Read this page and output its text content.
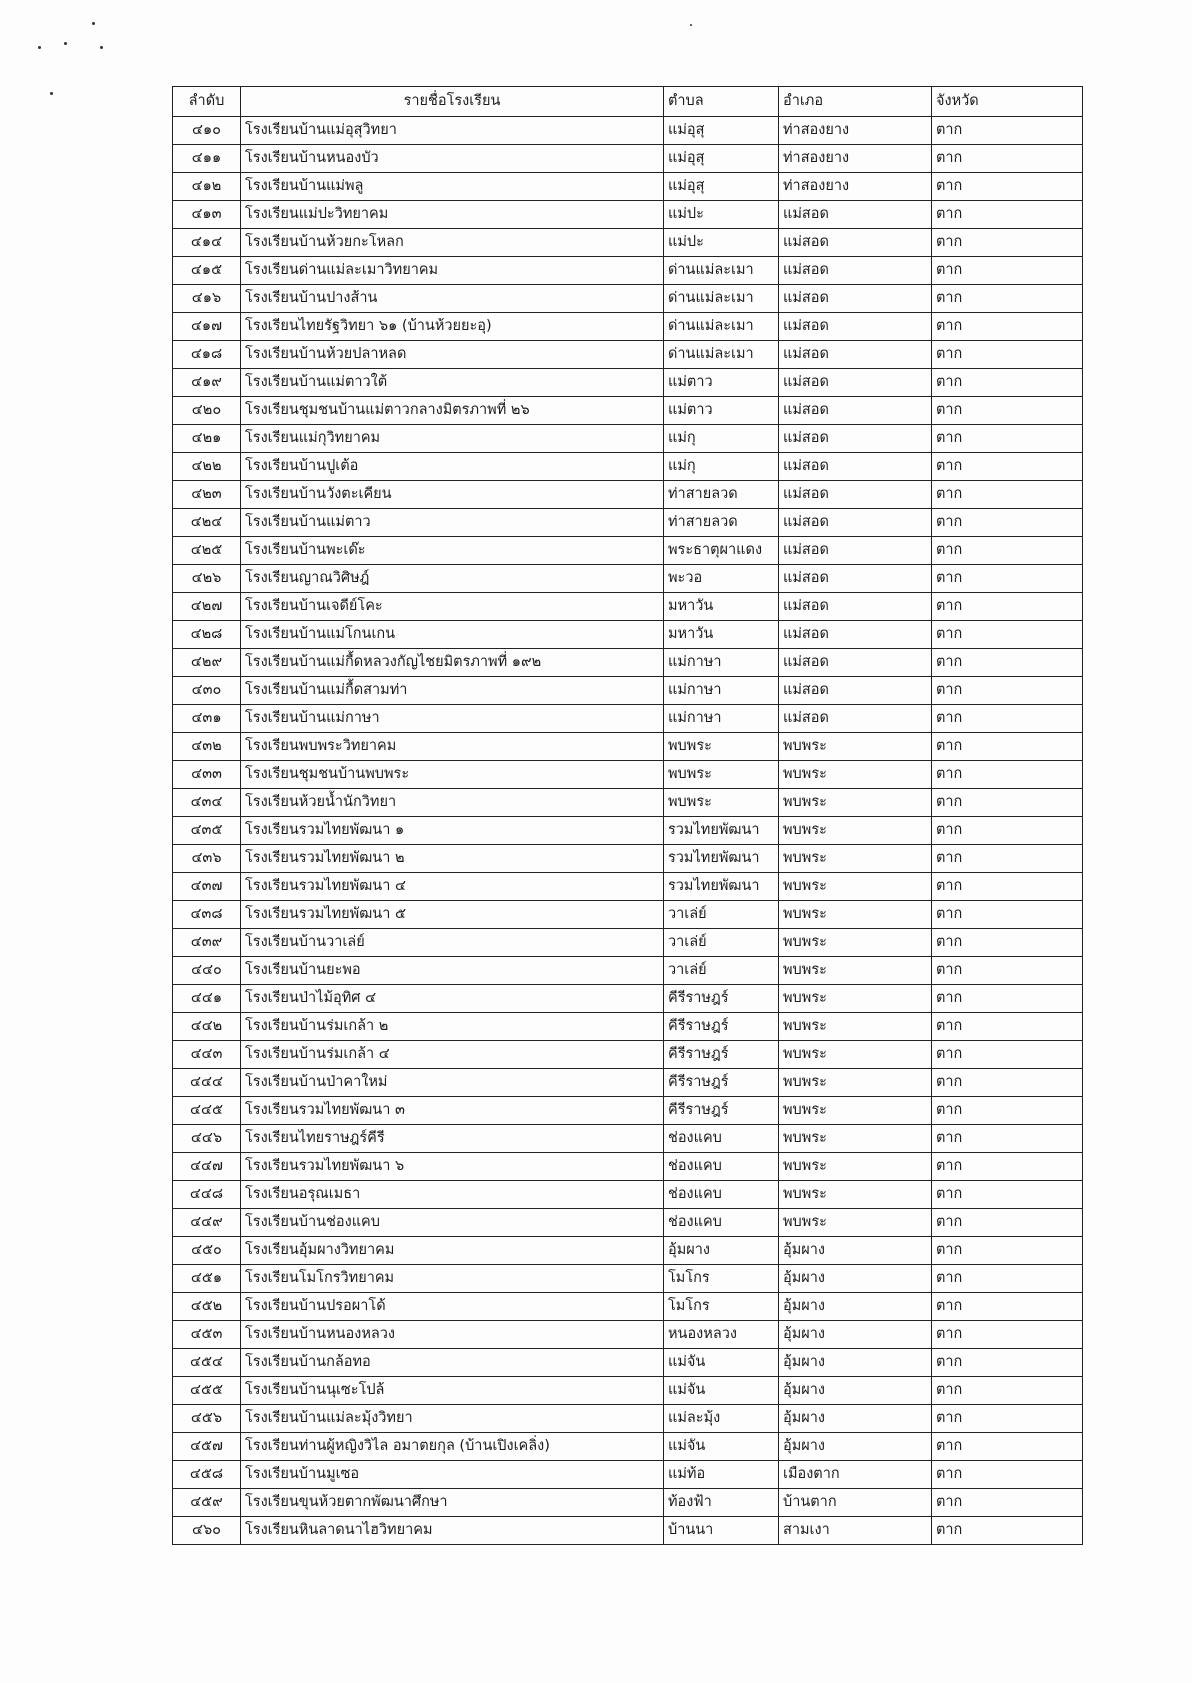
ลำดับ	รายชื่อโรงเรียน	ตำบล	อำเภอ	จังหวัด
๔๑๐	โรงเรียนบ้านแม่อุสุวิทยา	แม่อุสุ	ท่าสองยาง	ตาก
๔๑๑	โรงเรียนบ้านหนองบัว	แม่อุสุ	ท่าสองยาง	ตาก
๔๑๒	โรงเรียนบ้านแม่พลู	แม่อุสุ	ท่าสองยาง	ตาก
๔๑๓	โรงเรียนแม่ปะวิทยาคม	แม่ปะ	แม่สอด	ตาก
๔๑๔	โรงเรียนบ้านห้วยกะโหลก	แม่ปะ	แม่สอด	ตาก
๔๑๕	โรงเรียนด่านแม่ละเมาวิทยาคม	ด่านแม่ละเมา	แม่สอด	ตาก
๔๑๖	โรงเรียนบ้านปางส้าน	ด่านแม่ละเมา	แม่สอด	ตาก
๔๑๗	โรงเรียนไทยรัฐวิทยา ๖๑ (บ้านห้วยยะอุ)	ด่านแม่ละเมา	แม่สอด	ตาก
๔๑๘	โรงเรียนบ้านห้วยปลาหลด	ด่านแม่ละเมา	แม่สอด	ตาก
๔๑๙	โรงเรียนบ้านแม่ตาวใต้	แม่ตาว	แม่สอด	ตาก
๔๒๐	โรงเรียนชุมชนบ้านแม่ตาวกลางมิตรภาพที่ ๒๖	แม่ตาว	แม่สอด	ตาก
๔๒๑	โรงเรียนแม่กุวิทยาคม	แม่กุ	แม่สอด	ตาก
๔๒๒	โรงเรียนบ้านปูเต้อ	แม่กุ	แม่สอด	ตาก
๔๒๓	โรงเรียนบ้านวังตะเคียน	ท่าสายลวด	แม่สอด	ตาก
๔๒๔	โรงเรียนบ้านแม่ตาว	ท่าสายลวด	แม่สอด	ตาก
๔๒๕	โรงเรียนบ้านพะเด๊ะ	พระธาตุผาแดง	แม่สอด	ตาก
๔๒๖	โรงเรียนญาณวิศิษฎ์	พะวอ	แม่สอด	ตาก
๔๒๗	โรงเรียนบ้านเจดีย์โคะ	มหาวัน	แม่สอด	ตาก
๔๒๘	โรงเรียนบ้านแม่โกนเกน	มหาวัน	แม่สอด	ตาก
๔๒๙	โรงเรียนบ้านแม่กื้ดหลวงกัญไชยมิตรภาพที่ ๑๙๒	แม่กาษา	แม่สอด	ตาก
๔๓๐	โรงเรียนบ้านแม่กื้ดสามท่า	แม่กาษา	แม่สอด	ตาก
๔๓๑	โรงเรียนบ้านแม่กาษา	แม่กาษา	แม่สอด	ตาก
๔๓๒	โรงเรียนพบพระวิทยาคม	พบพระ	พบพระ	ตาก
๔๓๓	โรงเรียนชุมชนบ้านพบพระ	พบพระ	พบพระ	ตาก
๔๓๔	โรงเรียนห้วยน้ำนักวิทยา	พบพระ	พบพระ	ตาก
๔๓๕	โรงเรียนรวมไทยพัฒนา ๑	รวมไทยพัฒนา	พบพระ	ตาก
๔๓๖	โรงเรียนรวมไทยพัฒนา ๒	รวมไทยพัฒนา	พบพระ	ตาก
๔๓๗	โรงเรียนรวมไทยพัฒนา ๔	รวมไทยพัฒนา	พบพระ	ตาก
๔๓๘	โรงเรียนรวมไทยพัฒนา ๕	วาเล่ย์	พบพระ	ตาก
๔๓๙	โรงเรียนบ้านวาเล่ย์	วาเล่ย์	พบพระ	ตาก
๔๔๐	โรงเรียนบ้านยะพอ	วาเล่ย์	พบพระ	ตาก
๔๔๑	โรงเรียนป่าไม้อุทิศ ๔	คีรีราษฎร์	พบพระ	ตาก
๔๔๒	โรงเรียนบ้านร่มเกล้า ๒	คีรีราษฎร์	พบพระ	ตาก
๔๔๓	โรงเรียนบ้านร่มเกล้า ๔	คีรีราษฎร์	พบพระ	ตาก
๔๔๔	โรงเรียนบ้านป่าคาใหม่	คีรีราษฎร์	พบพระ	ตาก
๔๔๕	โรงเรียนรวมไทยพัฒนา ๓	คีรีราษฎร์	พบพระ	ตาก
๔๔๖	โรงเรียนไทยราษฎร์คีรี	ช่องแคบ	พบพระ	ตาก
๔๔๗	โรงเรียนรวมไทยพัฒนา ๖	ช่องแคบ	พบพระ	ตาก
๔๔๘	โรงเรียนอรุณเมธา	ช่องแคบ	พบพระ	ตาก
๔๔๙	โรงเรียนบ้านช่องแคบ	ช่องแคบ	พบพระ	ตาก
๔๕๐	โรงเรียนอุ้มผางวิทยาคม	อุ้มผาง	อุ้มผาง	ตาก
๔๕๑	โรงเรียนโมโกรวิทยาคม	โมโกร	อุ้มผาง	ตาก
๔๕๒	โรงเรียนบ้านปรอผาโด้	โมโกร	อุ้มผาง	ตาก
๔๕๓	โรงเรียนบ้านหนองหลวง	หนองหลวง	อุ้มผาง	ตาก
๔๕๔	โรงเรียนบ้านกล้อทอ	แม่จัน	อุ้มผาง	ตาก
๔๕๕	โรงเรียนบ้านนุเซะโปล้	แม่จัน	อุ้มผาง	ตาก
๔๕๖	โรงเรียนบ้านแม่ละมุ้งวิทยา	แม่ละมุ้ง	อุ้มผาง	ตาก
๔๕๗	โรงเรียนท่านผู้หญิงวิไล อมาตยกุล (บ้านเปิงเคลิ่ง)	แม่จัน	อุ้มผาง	ตาก
๔๕๘	โรงเรียนบ้านมูเซอ	แม่ท้อ	เมืองตาก	ตาก
๔๕๙	โรงเรียนขุนห้วยตากพัฒนาศึกษา	ท้องฟ้า	บ้านตาก	ตาก
๔๖๐	โรงเรียนหินลาดนาไฮวิทยาคม	บ้านนา	สามเงา	ตาก
